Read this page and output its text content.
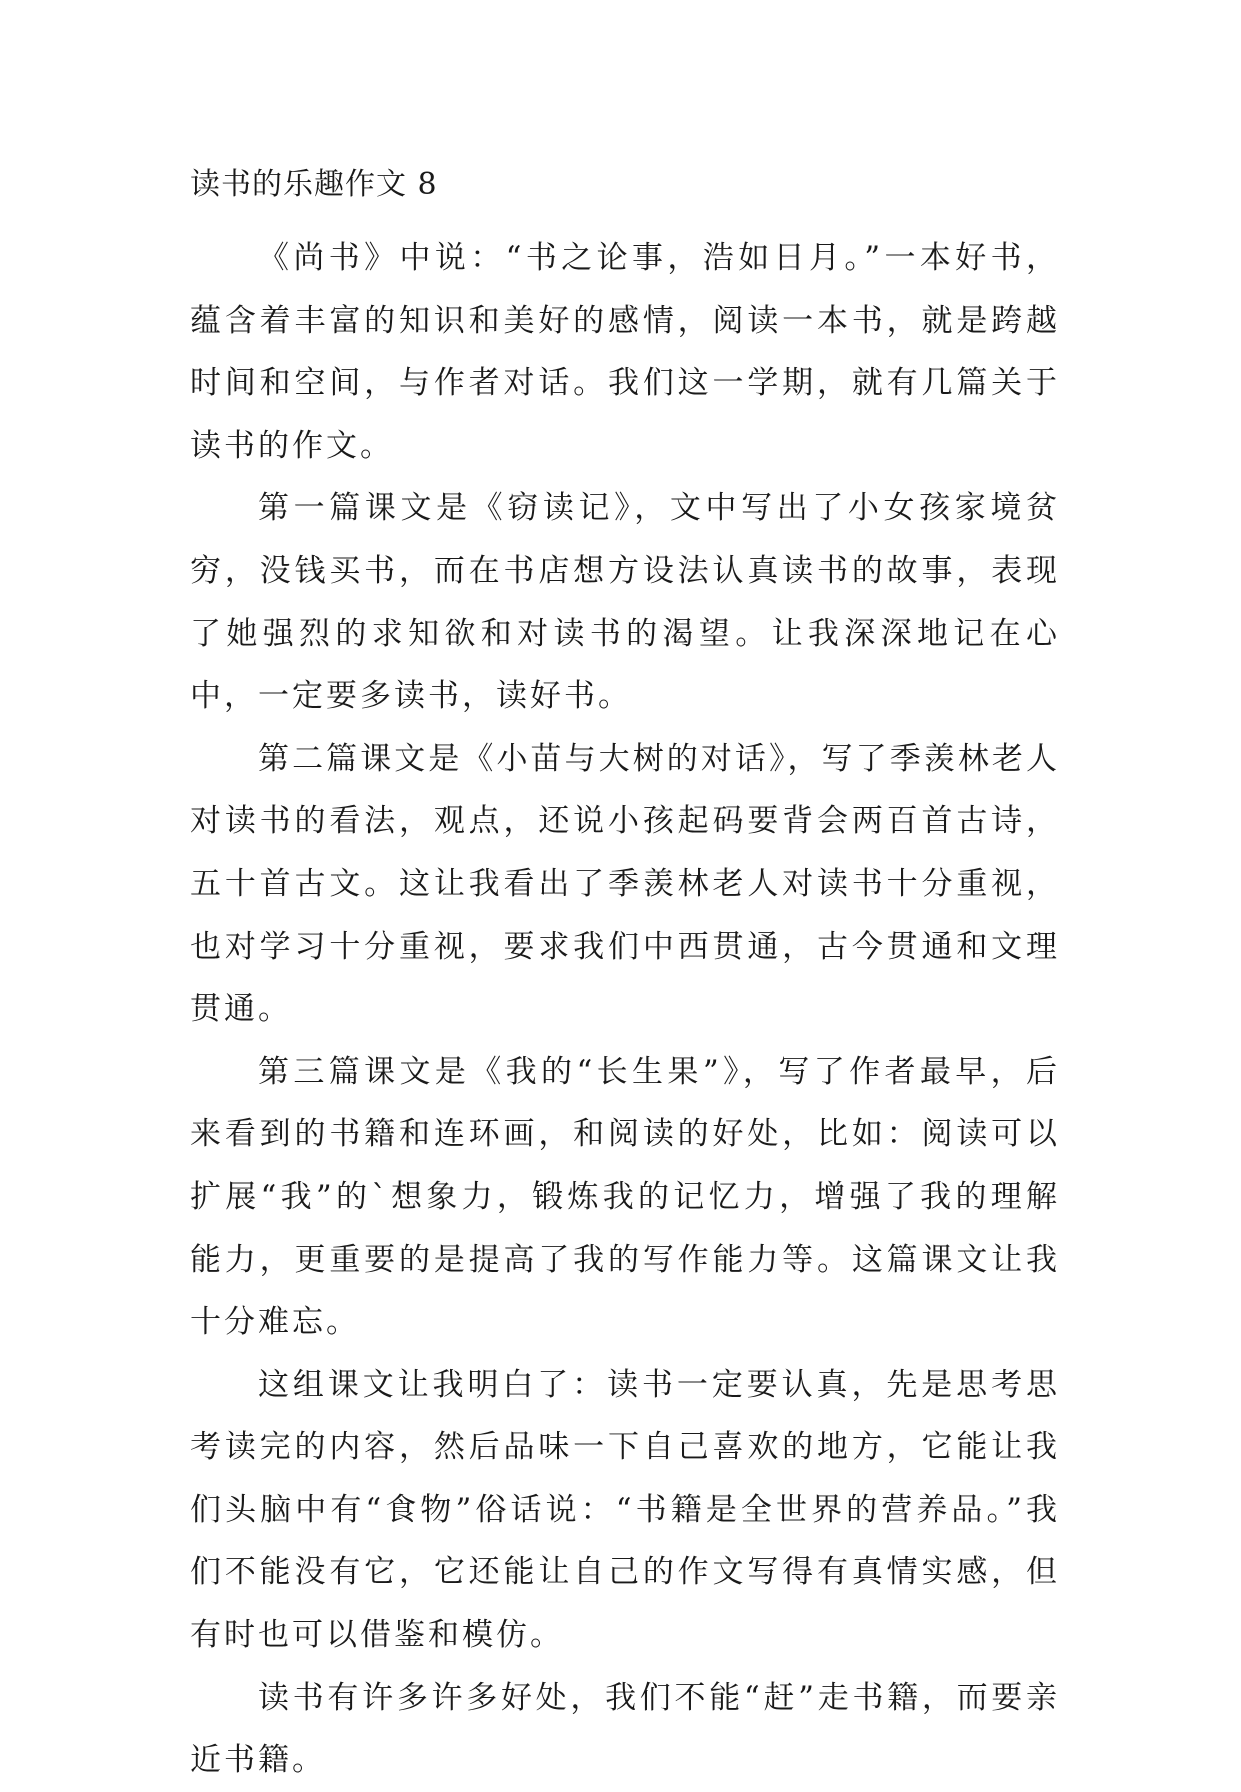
读书的乐趣作文 8

《尚书》中说：“书之论事，浩如日月。”一本好书，蕴含着丰富的知识和美好的感情，阅读一本书，就是跨越时间和空间，与作者对话。我们这一学期，就有几篇关于读书的作文。

第一篇课文是《窃读记》，文中写出了小女孩家境贫穷，没钱买书，而在书店想方设法认真读书的故事，表现了她强烈的求知欲和对读书的渴望。让我深深地记在心中，一定要多读书，读好书。

第二篇课文是《小苗与大树的对话》，写了季羡林老人对读书的看法，观点，还说小孩起码要背会两百首古诗，五十首古文。这让我看出了季羡林老人对读书十分重视，也对学习十分重视，要求我们中西贯通，古今贯通和文理贯通。

第三篇课文是《我的“长生果”》，写了作者最早，后来看到的书籍和连环画，和阅读的好处，比如：阅读可以扩展“我”的`想象力，锻炼我的记忆力，增强了我的理解能力，更重要的是提高了我的写作能力等。这篇课文让我十分难忘。

这组课文让我明白了：读书一定要认真，先是思考思考读完的内容，然后品味一下自己喜欢的地方，它能让我们头脑中有“食物”俗话说：“书籍是全世界的营养品。”我们不能没有它，它还能让自己的作文写得有真情实感，但有时也可以借鉴和模仿。

读书有许多许多好处，我们不能“赶”走书籍，而要亲近书籍。
